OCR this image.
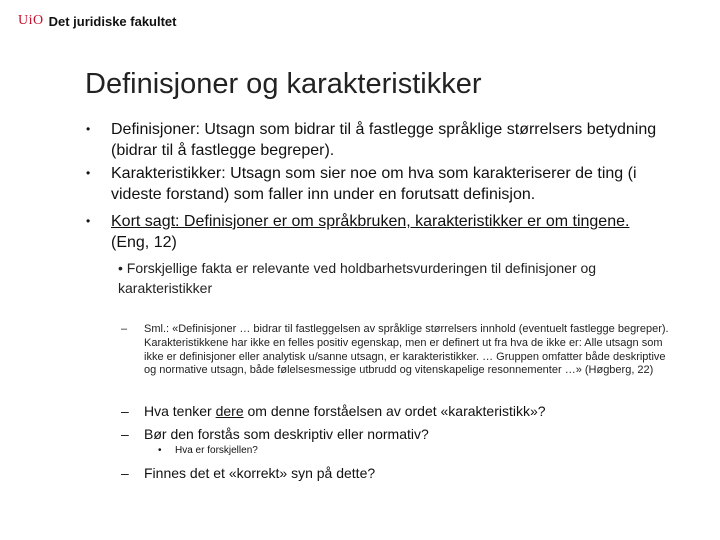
UiO Det juridiske fakultet
Definisjoner og karakteristikker
• Definisjoner: Utsagn som bidrar til å fastlegge språklige størrelsers betydning (bidrar til å fastlegge begreper).
• Karakteristikker: Utsagn som sier noe om hva som karakteriserer de ting (i videste forstand) som faller inn under en forutsatt definisjon.
• Kort sagt: Definisjoner er om språkbruken, karakteristikker er om tingene. (Eng, 12)
• Forskjellige fakta er relevante ved holdbarhetsvurderingen til definisjoner og karakteristikker
– Sml.: «Definisjoner … bidrar til fastleggelsen av språklige størrelsers innhold (eventuelt fastlegge begreper). Karakteristikkene har ikke en felles positiv egenskap, men er definert ut fra hva de ikke er: Alle utsagn som ikke er definisjoner eller analytisk u/sanne utsagn, er karakteristikker. … Gruppen omfatter både deskriptive og normative utsagn, både følelsesmessige utbrudd og vitenskapelige resonnementer …» (Høgberg, 22)
– Hva tenker dere om denne forståelsen av ordet «karakteristikk»?
– Bør den forstås som deskriptiv eller normativ?
• Hva er forskjellen?
– Finnes det et «korrekt» syn på dette?
